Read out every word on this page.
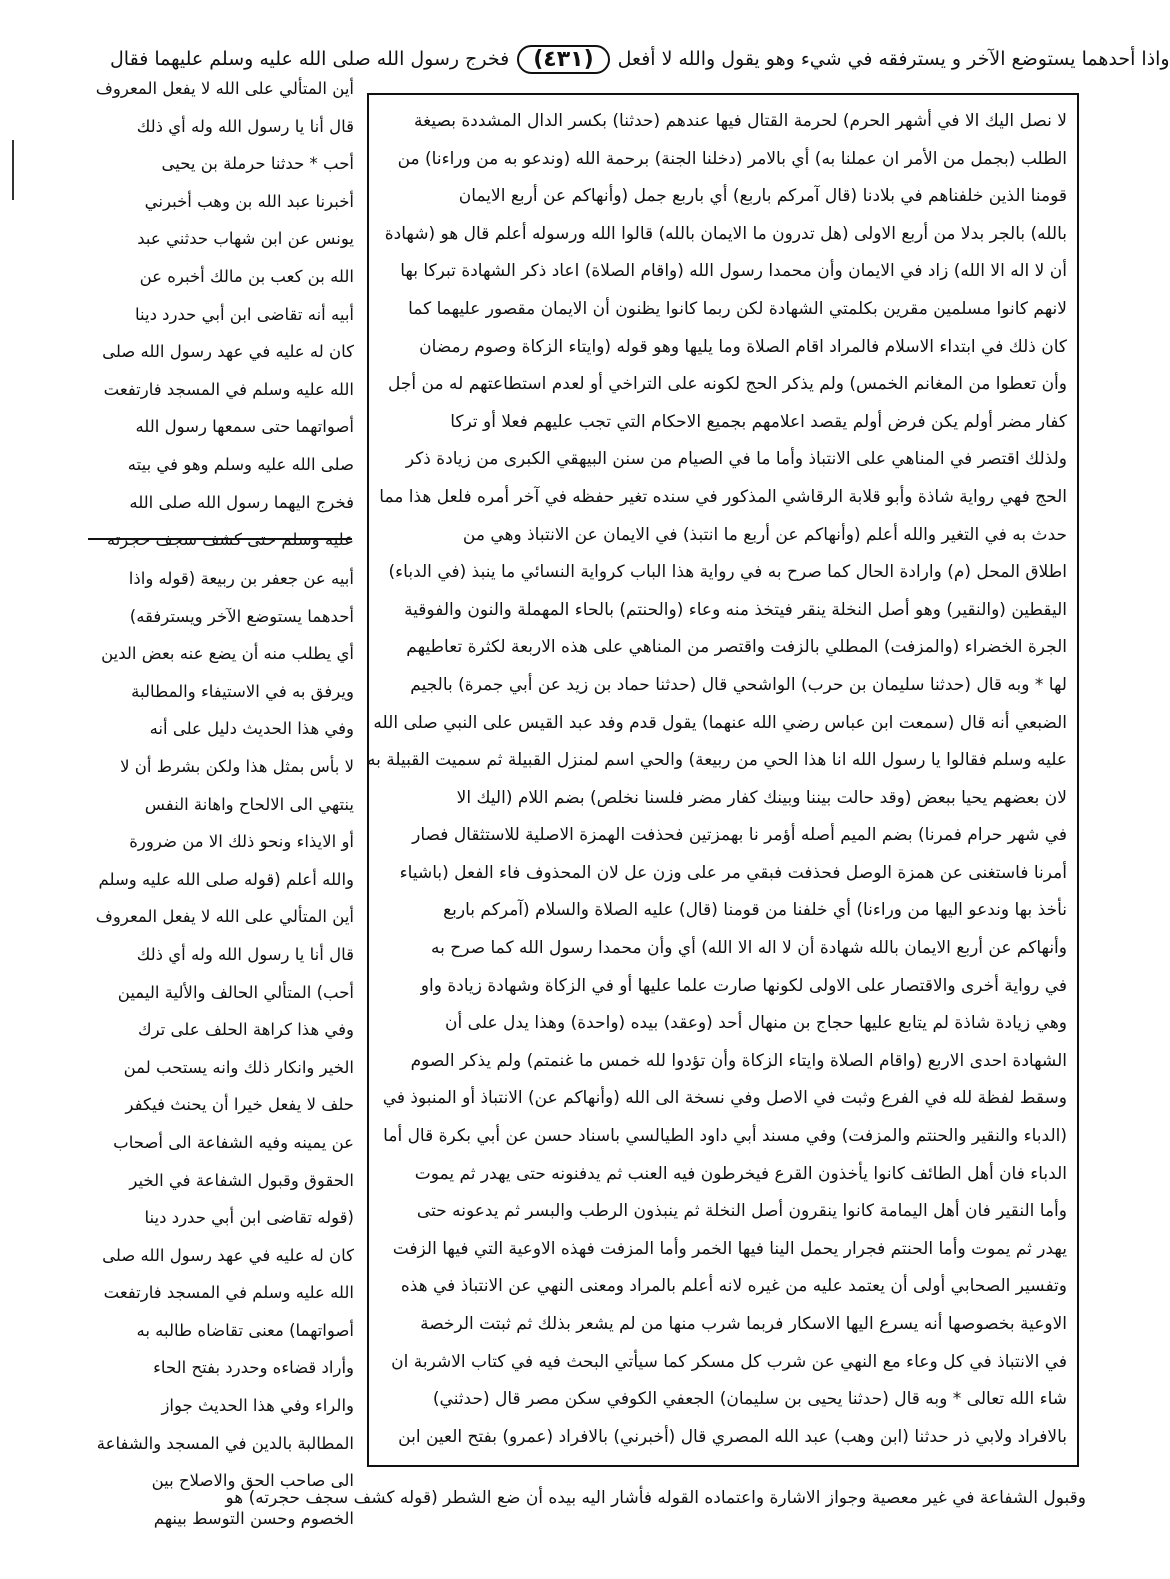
واذا أحدهما يستوضع الآخر و يسترفقه في شيء وهو يقول والله لا أفعل
(٤٣١)
فخرج رسول الله صلى الله عليه وسلم عليهما فقال
لا نصل اليك الا في أشهر الحرم) لحرمة القتال فيها عندهم (حدثنا) بكسر الدال المشددة بصيغة
الطلب (بجمل من الأمر ان عملنا به) أي بالامر (دخلنا الجنة) برحمة الله (وندعو به من وراءنا) من
قومنا الذين خلفناهم في بلادنا (قال آمركم باربع) أي باربع جمل (وأنهاكم عن أربع الايمان
بالله) بالجر بدلا من أربع الاولى (هل تدرون ما الايمان بالله) قالوا الله ورسوله أعلم قال هو (شهادة
أن لا اله الا الله) زاد في الايمان وأن محمدا رسول الله (واقام الصلاة) اعاد ذكر الشهادة تبركا بها
لانهم كانوا مسلمين مقرين بكلمتي الشهادة لكن ربما كانوا يظنون أن الايمان مقصور عليهما كما
كان ذلك في ابتداء الاسلام فالمراد اقام الصلاة وما يليها وهو قوله (وايتاء الزكاة وصوم رمضان
وأن تعطوا من المغانم الخمس) ولم يذكر الحج لكونه على التراخي أو لعدم استطاعتهم له من أجل
كفار مضر أولم يكن فرض أولم يقصد اعلامهم بجميع الاحكام التي تجب عليهم فعلا أو تركا
ولذلك اقتصر في المناهي على الانتباذ وأما ما في الصيام من سنن البيهقي الكبرى من زيادة ذكر
الحج فهي رواية شاذة وأبو قلابة الرقاشي المذكور في سنده تغير حفظه في آخر أمره فلعل هذا مما
حدث به في التغير والله أعلم (وأنهاكم عن أربع ما انتبذ) في الايمان عن الانتباذ وهي من
اطلاق المحل (م) وارادة الحال كما صرح به في رواية هذا الباب كرواية النسائي ما ينبذ (في الدباء)
اليقطين (والنقير) وهو أصل النخلة ينقر فيتخذ منه وعاء (والحنتم) بالحاء المهملة والنون والفوقية
الجرة الخضراء (والمزفت) المطلي بالزفت واقتصر من المناهي على هذه الاربعة لكثرة تعاطيهم
لها * وبه قال (حدثنا سليمان بن حرب) الواشحي قال (حدثنا حماد بن زيد عن أبي جمرة) بالجيم
الضبعي أنه قال (سمعت ابن عباس رضي الله عنهما) يقول قدم وفد عبد القيس على النبي صلى الله
عليه وسلم فقالوا يا رسول الله انا هذا الحي من ربيعة) والحي اسم لمنزل القبيلة ثم سميت القبيلة به
لان بعضهم يحيا ببعض (وقد حالت بيننا وبينك كفار مضر فلسنا نخلص) بضم اللام (اليك الا
في شهر حرام فمرنا) بضم الميم أصله أؤمر نا بهمزتين فحذفت الهمزة الاصلية للاستثقال فصار
أمرنا فاستغنى عن همزة الوصل فحذفت فبقي مر على وزن عل لان المحذوف فاء الفعل (باشياء
نأخذ بها وندعو اليها من وراءنا) أي خلفنا من قومنا (قال) عليه الصلاة والسلام (آمركم باربع
وأنهاكم عن أربع الايمان بالله شهادة أن لا اله الا الله) أي وأن محمدا رسول الله كما صرح به
في رواية أخرى والاقتصار على الاولى لكونها صارت علما عليها أو في الزكاة وشهادة زيادة واو
وهي زيادة شاذة لم يتابع عليها حجاج بن منهال أحد (وعقد) بيده (واحدة) وهذا يدل على أن
الشهادة احدى الاربع (واقام الصلاة وايتاء الزكاة وأن تؤدوا لله خمس ما غنمتم) ولم يذكر الصوم
وسقط لفظة لله في الفرع وثبت في الاصل وفي نسخة الى الله (وأنهاكم عن) الانتباذ أو المنبوذ في
(الدباء والنقير والحنتم والمزفت) وفي مسند أبي داود الطيالسي باسناد حسن عن أبي بكرة قال أما
الدباء فان أهل الطائف كانوا يأخذون القرع فيخرطون فيه العنب ثم يدفنونه حتى يهدر ثم يموت
وأما النقير فان أهل اليمامة كانوا ينقرون أصل النخلة ثم ينبذون الرطب والبسر ثم يدعونه حتى
يهدر ثم يموت وأما الحنتم فجرار يحمل الينا فيها الخمر وأما المزفت فهذه الاوعية التي فيها الزفت
وتفسير الصحابي أولى أن يعتمد عليه من غيره لانه أعلم بالمراد ومعنى النهي عن الانتباذ في هذه
الاوعية بخصوصها أنه يسرع اليها الاسكار فربما شرب منها من لم يشعر بذلك ثم ثبتت الرخصة
في الانتباذ في كل وعاء مع النهي عن شرب كل مسكر كما سيأتي البحث فيه في كتاب الاشربة ان
شاء الله تعالى * وبه قال (حدثنا يحيى بن سليمان) الجعفي الكوفي سكن مصر قال (حدثني)
بالافراد ولابي ذر حدثنا (ابن وهب) عبد الله المصري قال (أخبرني) بالافراد (عمرو) بفتح العين ابن
أين المتألي على الله لا يفعل المعروف
قال أنا يا رسول الله وله أي ذلك
أحب * حدثنا حرملة بن يحيى
أخبرنا عبد الله بن وهب أخبرني
يونس عن ابن شهاب حدثني عبد
الله بن كعب بن مالك أخبره عن
أبيه أنه تقاضى ابن أبي حدرد دينا
كان له عليه في عهد رسول الله صلى
الله عليه وسلم في المسجد فارتفعت
أصواتهما حتى سمعها رسول الله
صلى الله عليه وسلم وهو في بيته
فخرج اليهما رسول الله صلى الله
عليه وسلم حتى كشف سجف حجرته
أبيه عن جعفر بن ربيعة (قوله واذا
أحدهما يستوضع الآخر ويسترفقه)
أي يطلب منه أن يضع عنه بعض الدين
ويرفق به في الاستيفاء والمطالبة
وفي هذا الحديث دليل على أنه
لا بأس بمثل هذا ولكن بشرط أن لا
ينتهي الى الالحاح واهانة النفس
أو الايذاء ونحو ذلك الا من ضرورة
والله أعلم (قوله صلى الله عليه وسلم
أين المتألي على الله لا يفعل المعروف
قال أنا يا رسول الله وله أي ذلك
أحب) المتألي الحالف والألية اليمين
وفي هذا كراهة الحلف على ترك
الخير وانكار ذلك وانه يستحب لمن
حلف لا يفعل خيرا أن يحنث فيكفر
عن يمينه وفيه الشفاعة الى أصحاب
الحقوق وقبول الشفاعة في الخير
(قوله تقاضى ابن أبي حدرد دينا
كان له عليه في عهد رسول الله صلى
الله عليه وسلم في المسجد فارتفعت
أصواتهما) معنى تقاضاه طالبه به
وأراد قضاءه وحدرد بفتح الحاء
والراء وفي هذا الحديث جواز
المطالبة بالدين في المسجد والشفاعة
الى صاحب الحق والاصلاح بين
الخصوم وحسن التوسط بينهم
وقبول الشفاعة في غير معصية وجواز الاشارة واعتماده القوله فأشار اليه بيده أن ضع الشطر (قوله كشف سجف حجرته) هو
